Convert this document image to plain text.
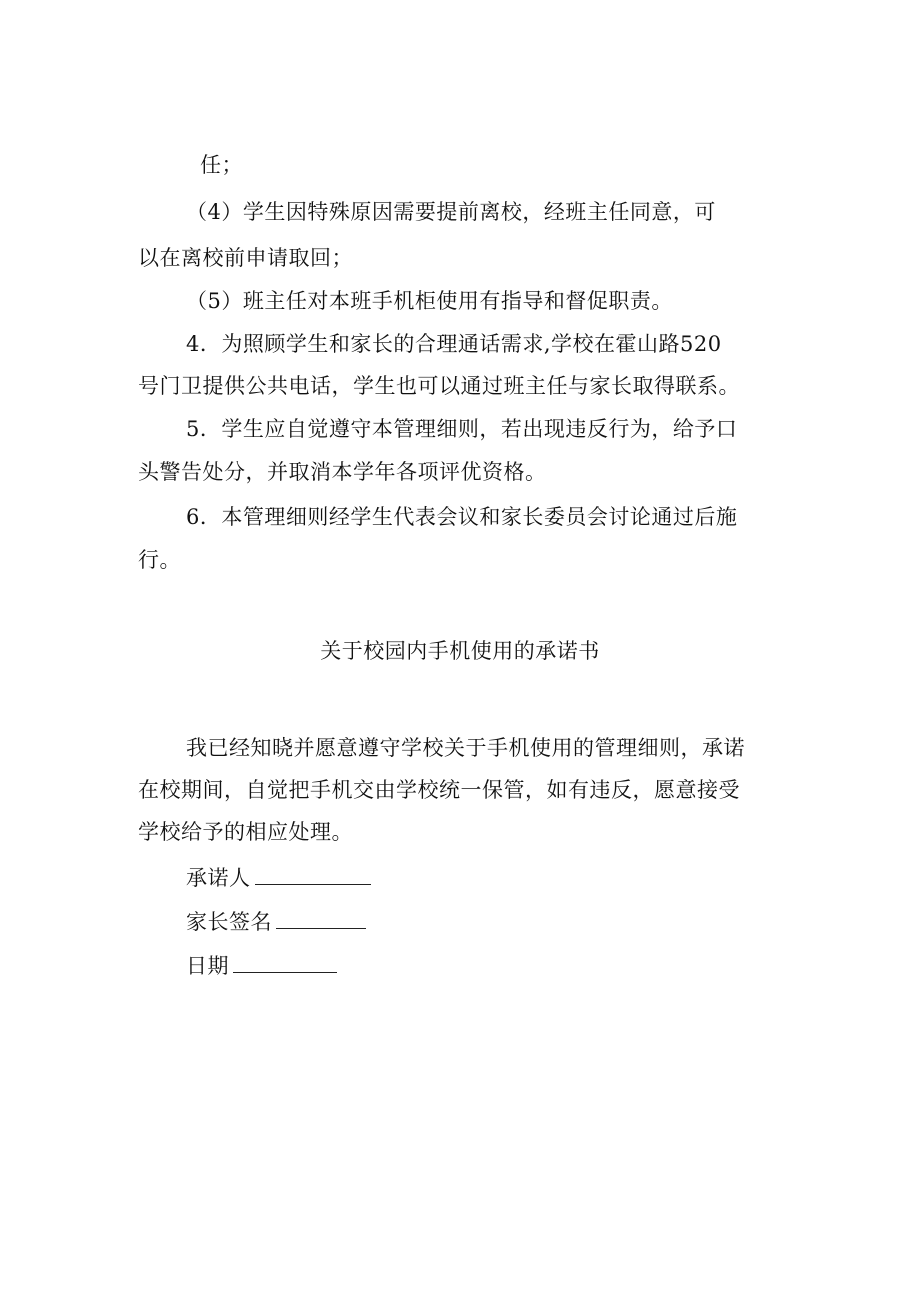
任；
（4）学生因特殊原因需要提前离校，经班主任同意，可
以在离校前申请取回；
（5）班主任对本班手机柜使用有指导和督促职责。
4．为照顾学生和家长的合理通话需求,学校在霍山路520
号门卫提供公共电话，学生也可以通过班主任与家长取得联系。
5．学生应自觉遵守本管理细则，若出现违反行为，给予口
头警告处分，并取消本学年各项评优资格。
6．本管理细则经学生代表会议和家长委员会讨论通过后施
行。
关于校园内手机使用的承诺书
我已经知晓并愿意遵守学校关于手机使用的管理细则，承诺
在校期间，自觉把手机交由学校统一保管，如有违反，愿意接受
学校给予的相应处理。
承诺人
家长签名
日期
